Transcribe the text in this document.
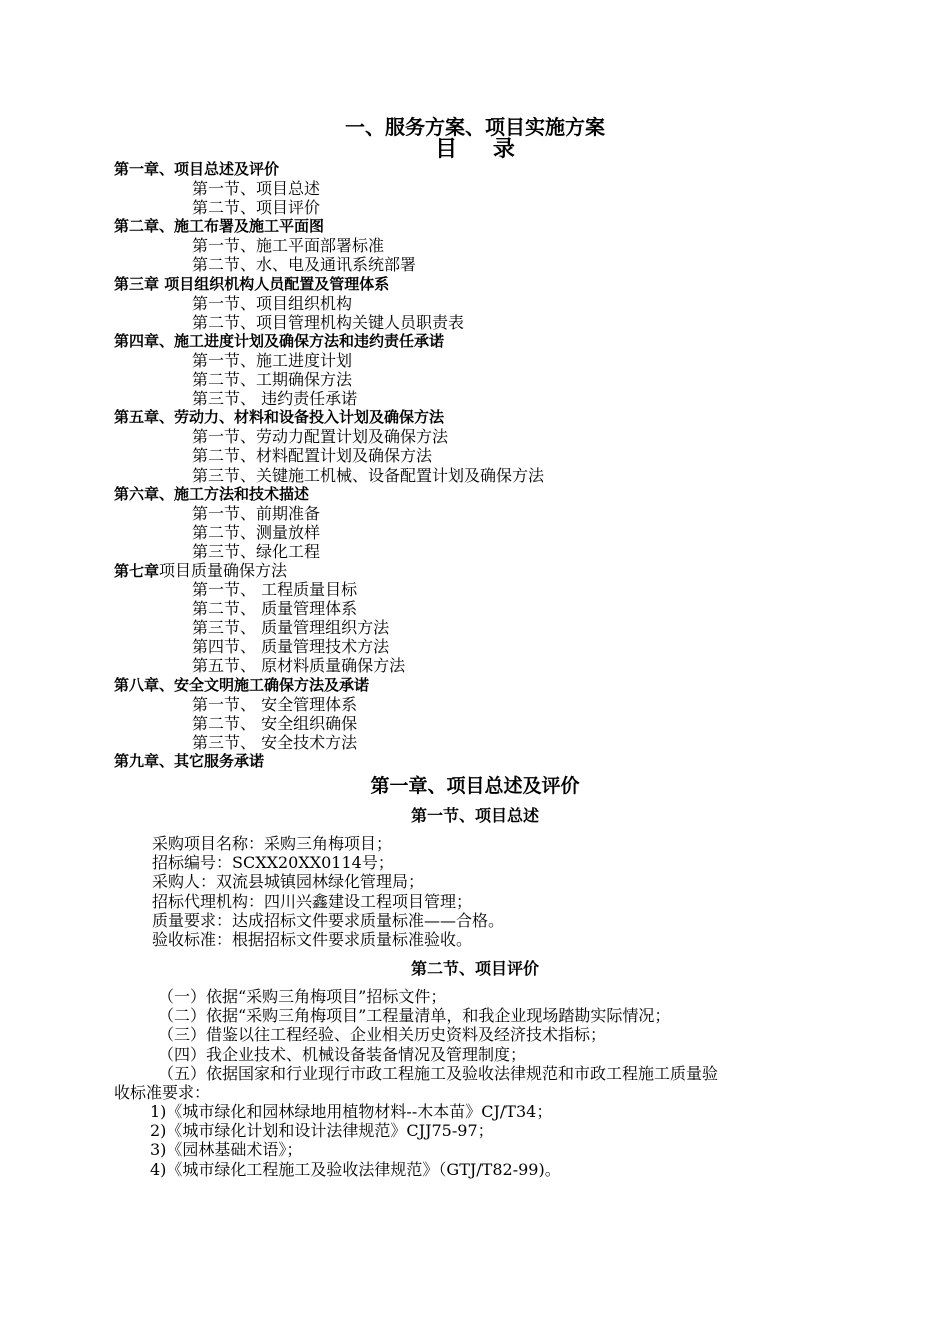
一、服务方案、项目实施方案
目 录
第一章、项目总述及评价
第一节、项目总述
第二节、项目评价
第二章、施工布署及施工平面图
第一节、施工平面部署标准
第二节、水、电及通讯系统部署
第三章 项目组织机构人员配置及管理体系
第一节、项目组织机构
第二节、项目管理机构关键人员职责表
第四章、施工进度计划及确保方法和违约责任承诺
第一节、施工进度计划
第二节、工期确保方法
第三节、 违约责任承诺
第五章、劳动力、材料和设备投入计划及确保方法
第一节、劳动力配置计划及确保方法
第二节、材料配置计划及确保方法
第三节、关键施工机械、设备配置计划及确保方法
第六章、施工方法和技术描述
第一节、前期准备
第二节、测量放样
第三节、绿化工程
第七章项目质量确保方法
第一节、 工程质量目标
第二节、 质量管理体系
第三节、 质量管理组织方法
第四节、 质量管理技术方法
第五节、 原材料质量确保方法
第八章、安全文明施工确保方法及承诺
第一节、 安全管理体系
第二节、 安全组织确保
第三节、 安全技术方法
第九章、其它服务承诺
第一章、项目总述及评价
第一节、项目总述
采购项目名称：采购三角梅项目；
招标编号：SCXX20XX0114号；
采购人：双流县城镇园林绿化管理局；
招标代理机构：四川兴鑫建设工程项目管理；
质量要求：达成招标文件要求质量标准——合格。
验收标准：根据招标文件要求质量标准验收。
第二节、项目评价
（一）依据“采购三角梅项目”招标文件；
（二）依据“采购三角梅项目”工程量清单，和我企业现场踏勘实际情况；
（三）借鉴以往工程经验、企业相关历史资料及经济技术指标；
（四）我企业技术、机械设备装备情况及管理制度；
（五）依据国家和行业现行市政工程施工及验收法律规范和市政工程施工质量验
收标准要求：
1)《城市绿化和园林绿地用植物材料--木本苗》CJ/T34；
2)《城市绿化计划和设计法律规范》CJJ75-97；
3)《园林基础术语》；
4)《城市绿化工程施工及验收法律规范》（GTJ/T82-99)。
